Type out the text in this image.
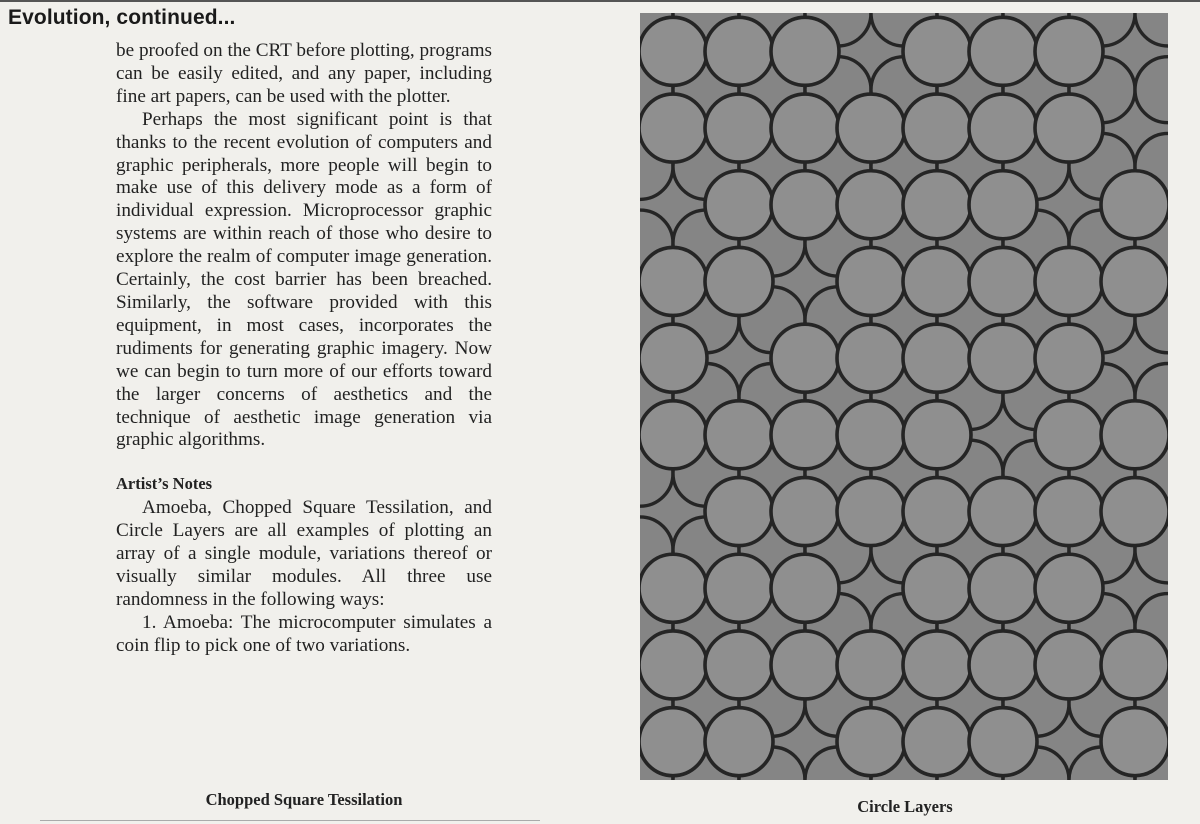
Evolution, continued...

be proofed on the CRT before plotting, programs can be easily edited, and any paper, including fine art papers, can be used with the plotter.

Perhaps the most significant point is that thanks to the recent evolution of computers and graphic peripherals, more people will begin to make use of this delivery mode as a form of individual expression. Microprocessor graphic systems are within reach of those who desire to explore the realm of computer image generation. Certainly, the cost barrier has been breached. Similarly, the software provided with this equipment, in most cases, incorporates the rudiments for generating graphic imagery. Now we can begin to turn more of our efforts toward the larger concerns of aesthetics and the technique of aesthetic image generation via graphic algorithms.

Artist’s Notes

Amoeba, Chopped Square Tessilation, and Circle Layers are all examples of plotting an array of a single module, variations thereof or visually similar modules. All three use randomness in the following ways:

1. Amoeba: The microcomputer simulates a coin flip to pick one of two variations.

Chopped Square Tessilation	Circle Layers
